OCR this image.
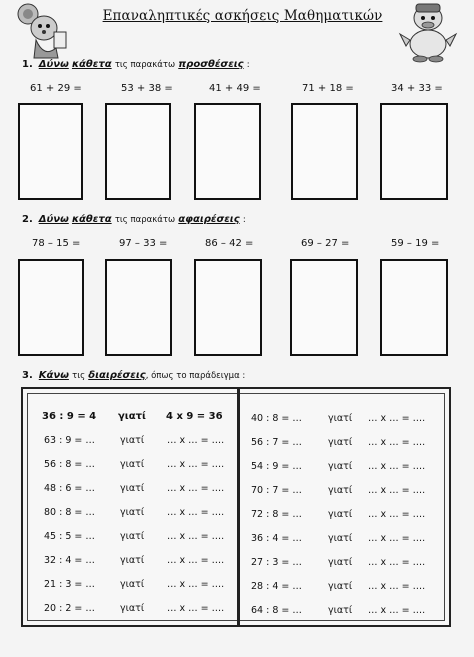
Επαναληπτικές ασκήσεις Μαθηματικών
1. Δύνω κάθετα τις παρακάτω προσθέσεις :
61 + 29 =	53 + 38 =	41 + 49 =	71 + 18 =	34 + 33 =
2. Δύνω κάθετα τις παρακάτω αφαιρέσεις :
78 – 15 =	97 – 33 =	86 – 42 =	69 – 27 =	59 – 19 =
3. Κάνω τις διαιρέσεις, όπως το παράδειγμα :
36 : 9 = 4 γιατί 4 x 9 = 36
63 : 9 = …	γιατί … x … = ….
56 : 8 = …	γιατί … x … = ….
48 : 6 = …	γιατί … x … = ….
80 : 8 = …	γιατί … x … = ….
45 : 5 = …	γιατί … x … = ….
32 : 4 = …	γιατί … x … = ….
21 : 3 = …	γιατί … x … = ….
20 : 2 = …	γιατί … x … = ….
40 : 8 = …	γιατί … x … = ….
56 : 7 = …	γιατί … x … = ….
54 : 9 = …	γιατί … x … = ….
70 : 7 = …	γιατί … x … = ….
72 : 8 = …	γιατί … x … = ….
36 : 4 = …	γιατί … x … = ….
27 : 3 = …	γιατί … x … = ….
28 : 4 = …	γιατί … x … = ….
64 : 8 = …	γιατί … x … = ….
